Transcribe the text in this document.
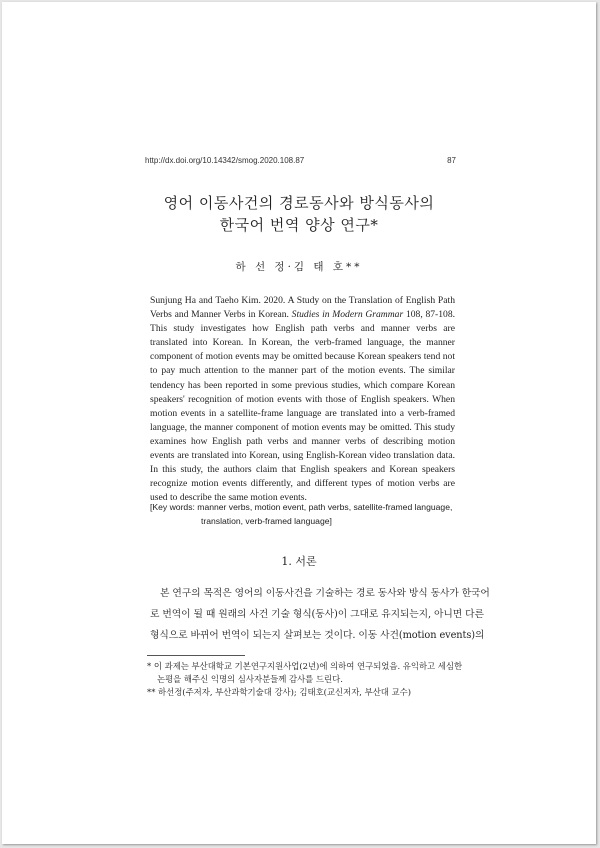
http://dx.doi.org/10.14342/smog.2020.108.87	87
영어 이동사건의 경로동사와 방식동사의
한국어 번역 양상 연구*
하 선 정·김 태 호**
Sunjung Ha and Taeho Kim. 2020. A Study on the Translation of English Path Verbs and Manner Verbs in Korean. Studies in Modern Grammar 108, 87-108. This study investigates how English path verbs and manner verbs are translated into Korean. In Korean, the verb-framed language, the manner component of motion events may be omitted because Korean speakers tend not to pay much attention to the manner part of the motion events. The similar tendency has been reported in some previous studies, which compare Korean speakers' recognition of motion events with those of English speakers. When motion events in a satellite-frame language are translated into a verb-framed language, the manner component of motion events may be omitted. This study examines how English path verbs and manner verbs of describing motion events are translated into Korean, using English-Korean video translation data. In this study, the authors claim that English speakers and Korean speakers recognize motion events differently, and different types of motion verbs are used to describe the same motion events.
[Key words: manner verbs, motion event, path verbs, satellite-framed language,
translation, verb-framed language]
1. 서론
본 연구의 목적은 영어의 이동사건을 기술하는 경로 동사와 방식 동사가 한국어
로 번역이 될 때 원래의 사건 기술 형식(동사)이 그대로 유지되는지, 아니면 다른
형식으로 바뀌어 번역이 되는지 살펴보는 것이다. 이동 사건(motion events)의
* 이 과제는 부산대학교 기본연구지원사업(2년)에 의하여 연구되었음. 유익하고 세심한
논평을 해주신 익명의 심사자분들께 감사를 드린다.
** 하선정(주저자, 부산과학기술대 강사); 김태호(교신저자, 부산대 교수)
